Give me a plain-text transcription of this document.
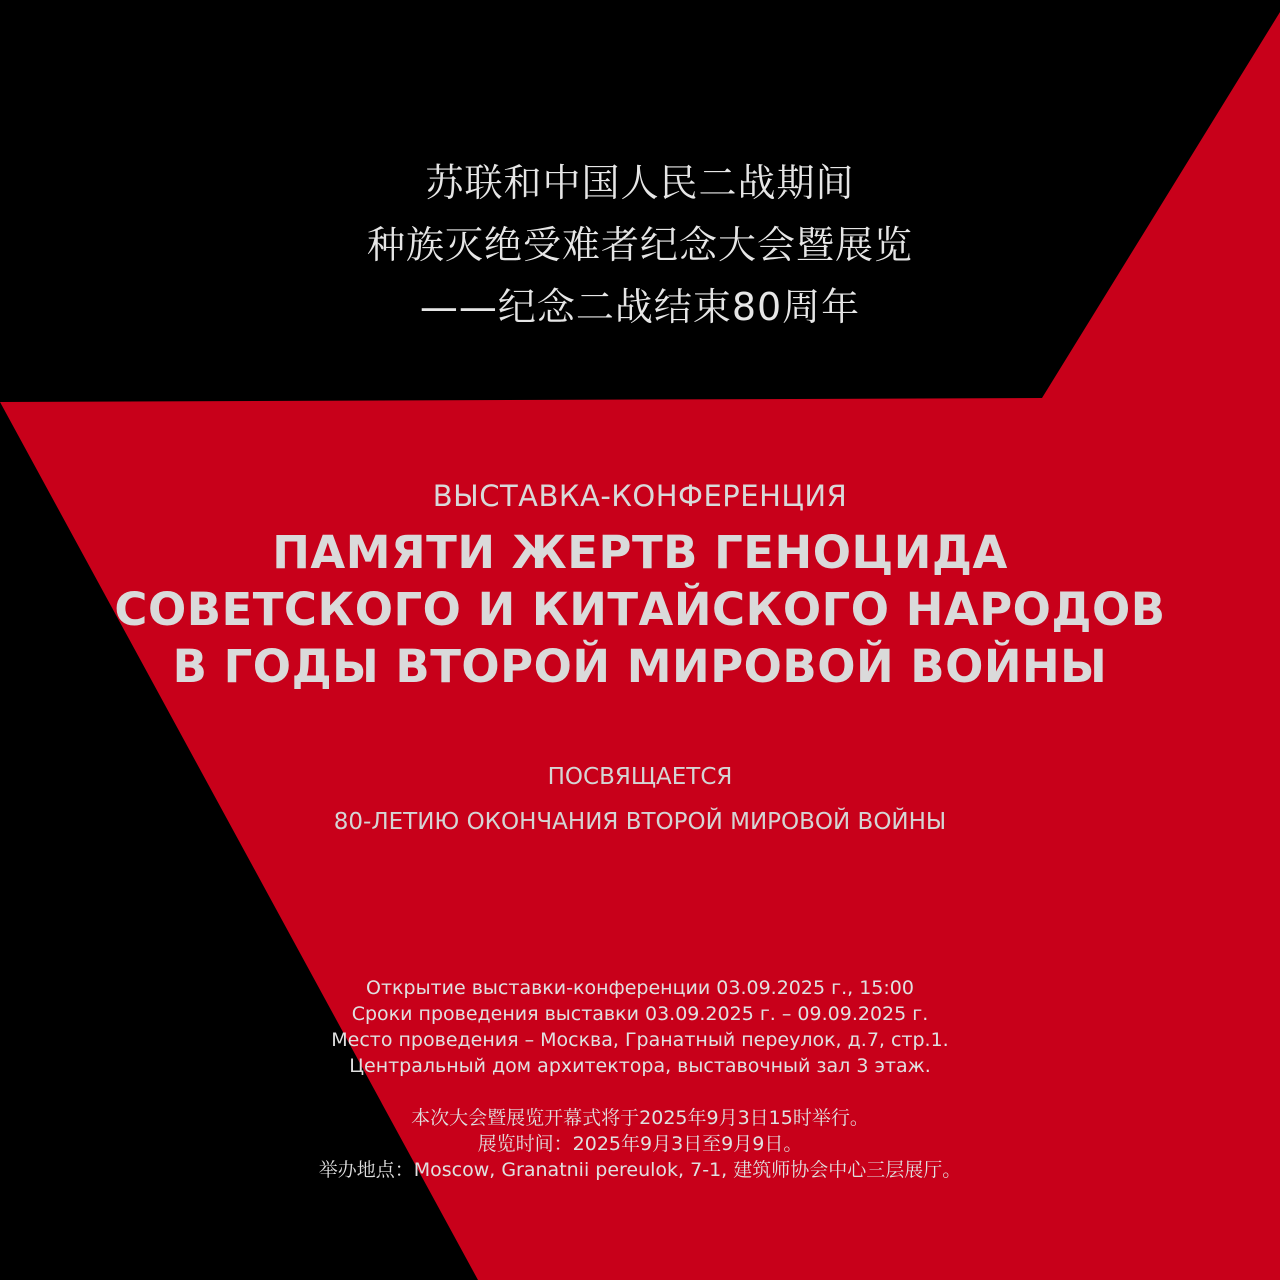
苏联和中国人民二战期间
种族灭绝受难者纪念大会暨展览
——纪念二战结束80周年
ВЫСТАВКА-КОНФЕРЕНЦИЯ
ПАМЯТИ ЖЕРТВ ГЕНОЦИДА
СОВЕТСКОГО И КИТАЙСКОГО НАРОДОВ
В ГОДЫ ВТОРОЙ МИРОВОЙ ВОЙНЫ
ПОСВЯЩАЕТСЯ
80-ЛЕТИЮ ОКОНЧАНИЯ ВТОРОЙ МИРОВОЙ ВОЙНЫ
Открытие выставки-конференции 03.09.2025 г., 15:00
Сроки проведения выставки 03.09.2025 г. – 09.09.2025 г.
Место проведения – Москва, Гранатный переулок, д.7, стр.1.
Центральный дом архитектора, выставочный зал 3 этаж.
本次大会暨展览开幕式将于2025年9月3日15时举行。
展览时间：2025年9月3日至9月9日。
举办地点：Moscow, Granatnii pereulok, 7-1, 建筑师协会中心三层展厅。
